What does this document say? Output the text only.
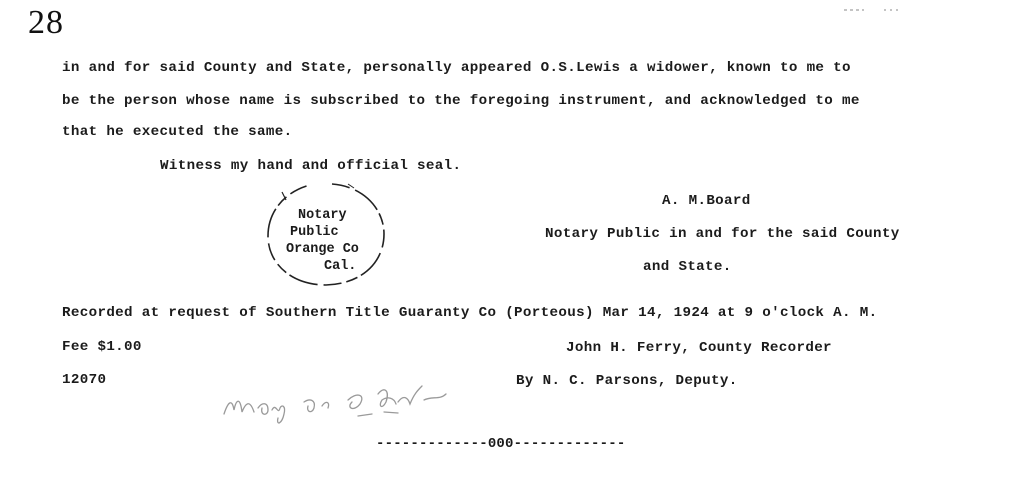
28
in and for said County and State, personally appeared O.S.Lewis a widower, known to me to
be the person whose name is subscribed to the foregoing instrument, and acknowledged to me
that he executed the same.
Witness my hand and official seal.
Notary
Public
Orange Co
Cal.
A. M.Board
Notary Public in and for the said County
and State.
Recorded at request of Southern Title Guaranty Co (Porteous) Mar 14, 1924 at 9 o'clock A. M.
Fee $1.00	John H. Ferry, County Recorder
12070	By N. C. Parsons, Deputy.
-------------000-------------
